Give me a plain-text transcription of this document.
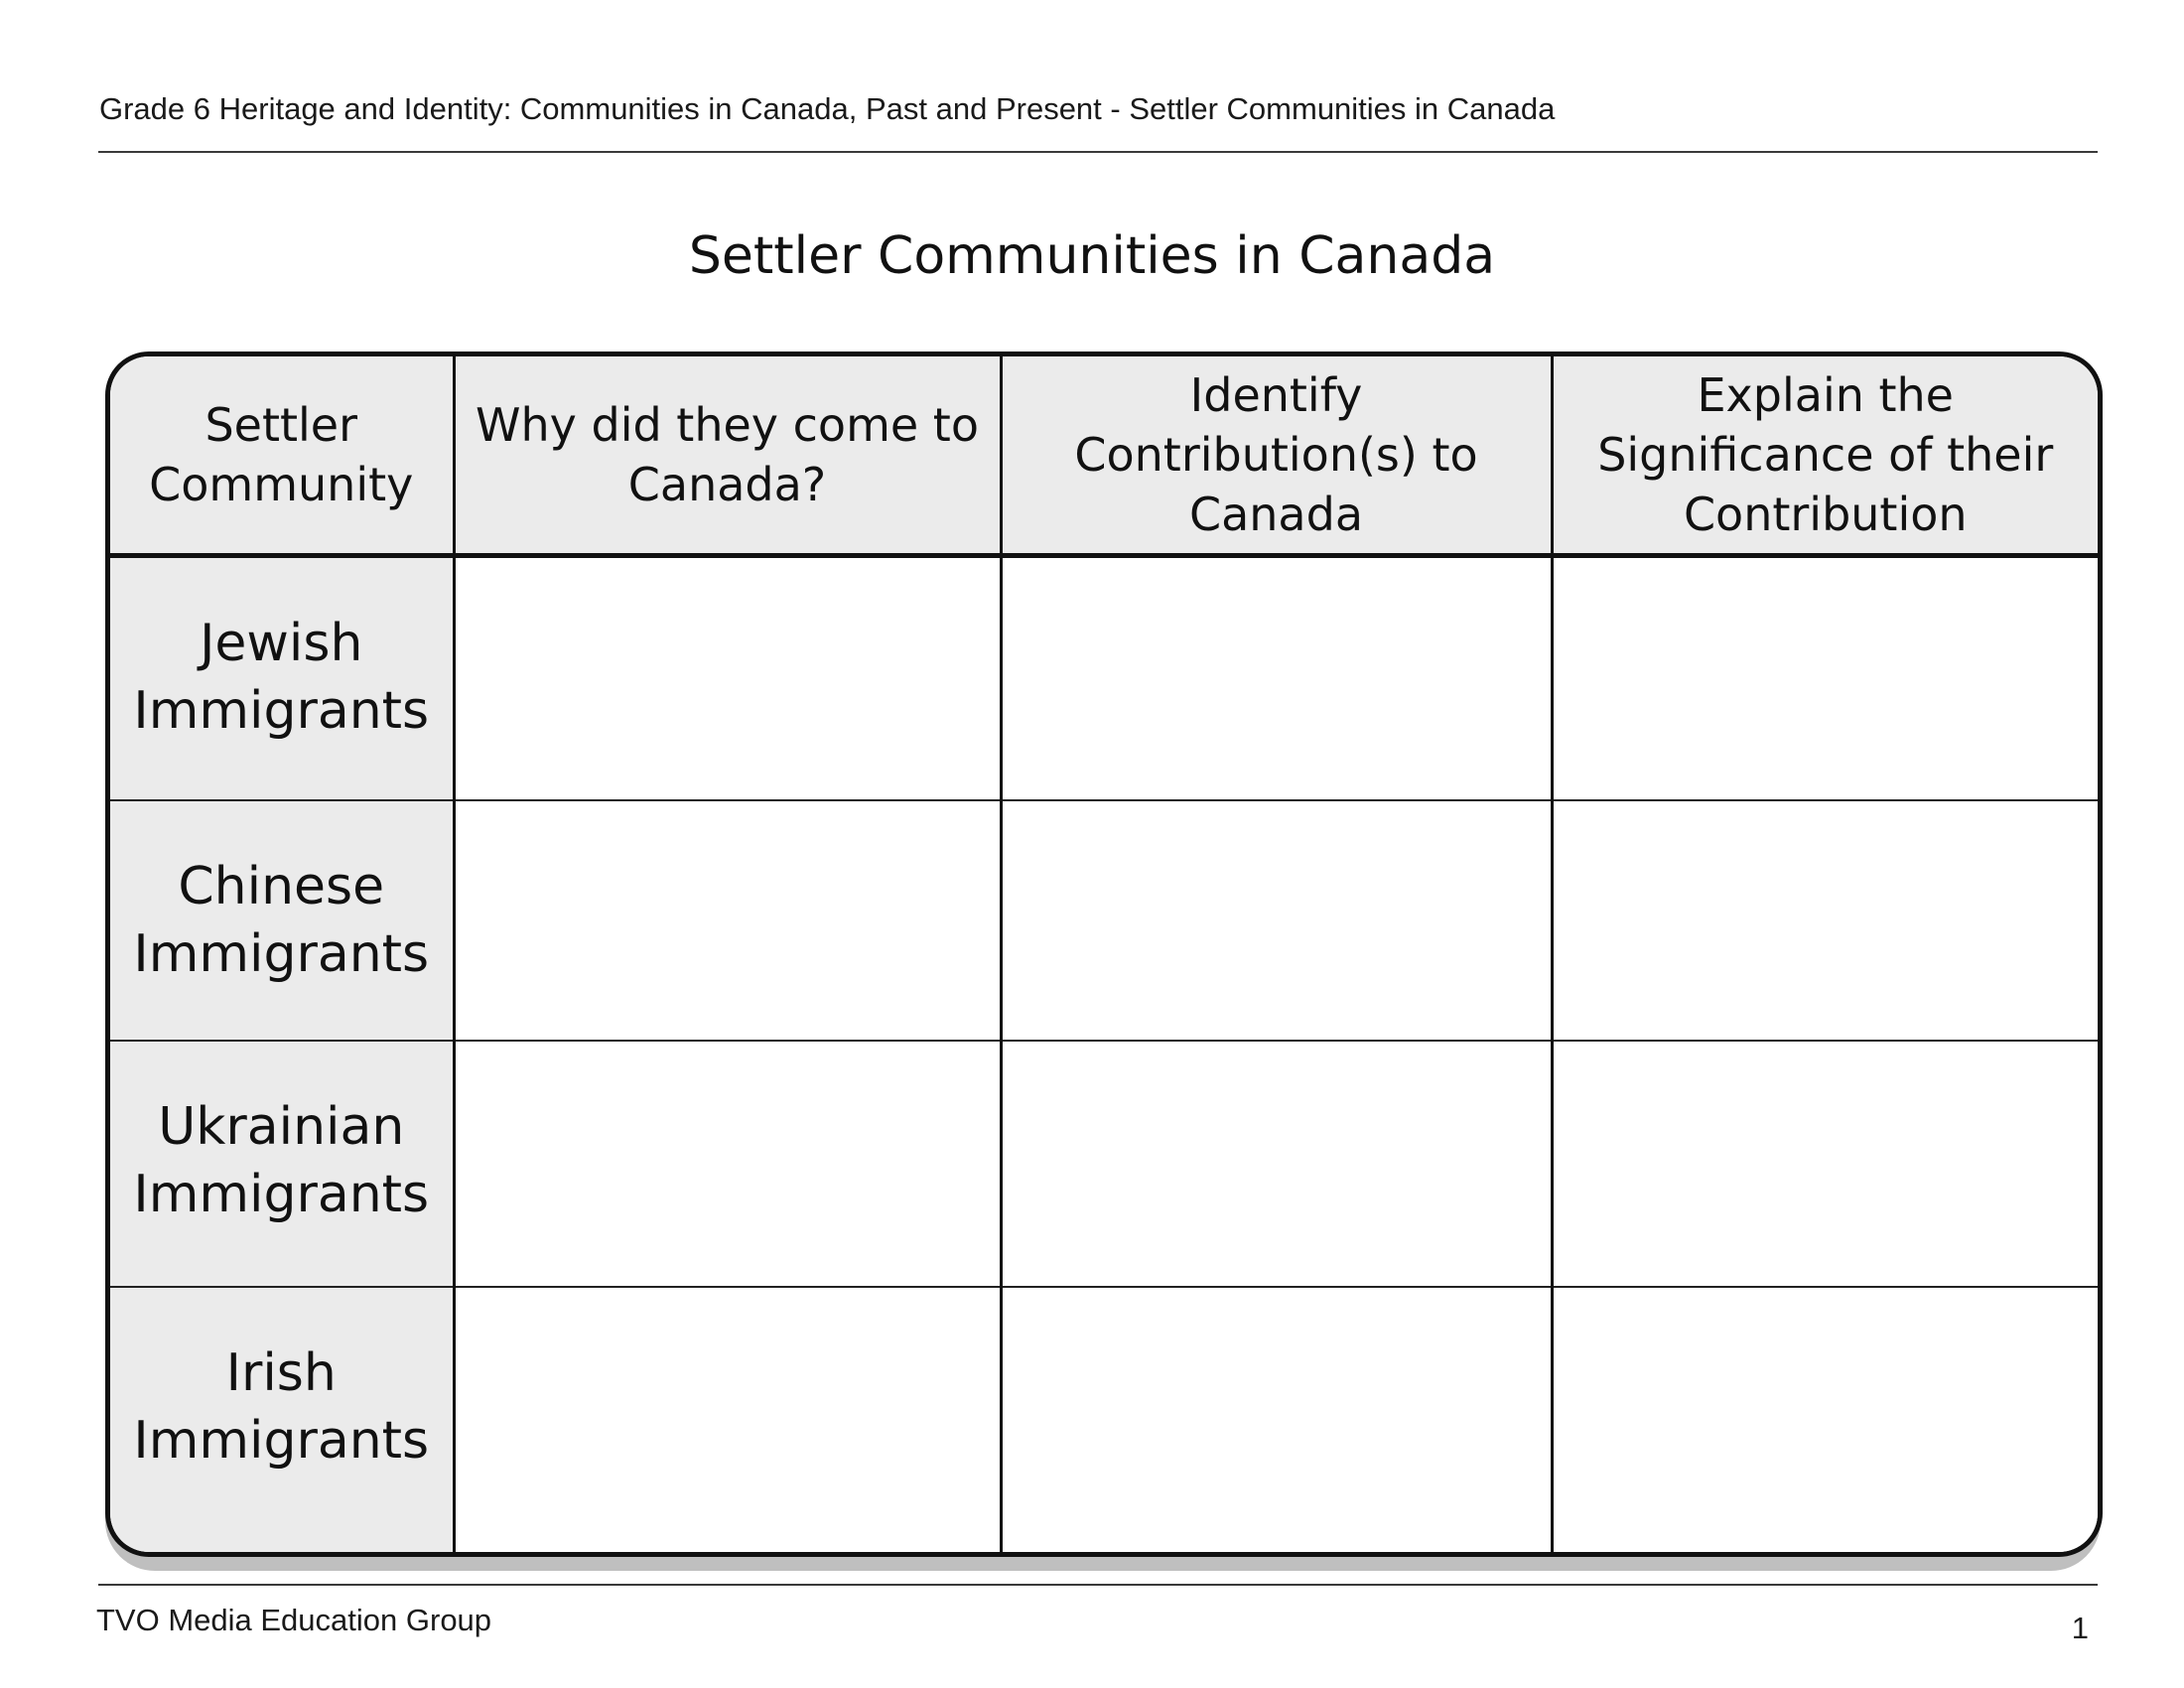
Grade 6 Heritage and Identity: Communities in Canada, Past and Present - Settler Communities in Canada
Settler Communities in Canada
Settler Community	Why did they come to Canada?	Identify Contribution(s) to Canada	Explain the Significance of their Contribution

Jewish Immigrants			
Chinese Immigrants			
Ukrainian Immigrants			
Irish Immigrants			
TVO Media Education Group	1
